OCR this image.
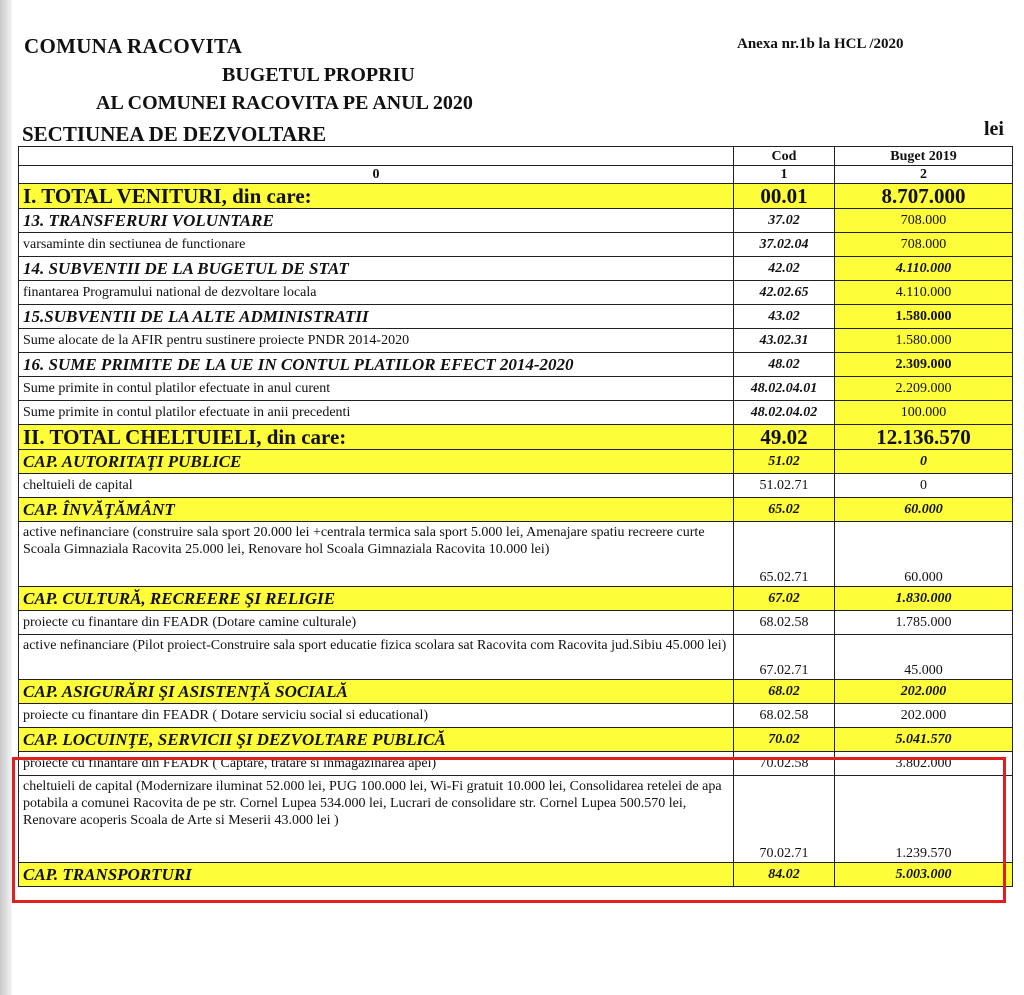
COMUNA RACOVITA	Anexa nr.1b la HCL /2020
BUGETUL PROPRIU
AL COMUNEI RACOVITA PE ANUL 2020
SECTIUNEA DE DEZVOLTARE	lei
	Cod	Buget 2019
0	1	2
I. TOTAL VENITURI, din care:	00.01	8.707.000
13. TRANSFERURI VOLUNTARE	37.02	708.000
varsaminte din sectiunea de functionare	37.02.04	708.000
14. SUBVENTII DE LA BUGETUL DE STAT	42.02	4.110.000
finantarea Programului national de dezvoltare locala	42.02.65	4.110.000
15.SUBVENTII DE LA ALTE ADMINISTRATII	43.02	1.580.000
Sume alocate de la AFIR pentru sustinere proiecte PNDR 2014-2020	43.02.31	1.580.000
16. SUME PRIMITE DE LA UE IN CONTUL PLATILOR EFECT 2014-2020	48.02	2.309.000
Sume primite in contul platilor efectuate in anul curent	48.02.04.01	2.209.000
Sume primite in contul platilor efectuate in anii precedenti	48.02.04.02	100.000
II. TOTAL CHELTUIELI, din care:	49.02	12.136.570
CAP. AUTORITAŢI PUBLICE	51.02	0
cheltuieli de capital	51.02.71	0
CAP. ÎNVĂŢĂMÂNT	65.02	60.000

active nefinanciare (construire sala sport 20.000 lei +centrala termica sala sport 5.000 lei, Amenajare spatiu recreere curte Scoala Gimnaziala Racovita 25.000 lei, Renovare hol Scoala Gimnaziala Racovita 10.000 lei)	65.02.71	60.000
CAP. CULTURĂ, RECREERE ŞI RELIGIE	67.02	1.830.000
proiecte cu finantare din FEADR (Dotare camine culturale)	68.02.58	1.785.000

active nefinanciare (Pilot proiect-Construire sala sport educatie fizica scolara sat Racovita com Racovita jud.Sibiu 45.000 lei)	67.02.71	45.000
CAP. ASIGURĂRI ŞI ASISTENŢĂ SOCIALĂ	68.02	202.000
proiecte cu finantare din FEADR ( Dotare serviciu social si educational)	68.02.58	202.000
CAP. LOCUINŢE, SERVICII ŞI DEZVOLTARE PUBLICĂ	70.02	5.041.570
proiecte cu finantare din FEADR ( Captare, tratare si inmagazinarea apei)	70.02.58	3.802.000

cheltuieli de capital (Modernizare iluminat 52.000 lei, PUG 100.000 lei, Wi-Fi gratuit 10.000 lei, Consolidarea retelei de apa potabila a comunei Racovita de pe str. Cornel Lupea 534.000 lei, Lucrari de consolidare str. Cornel Lupea 500.570 lei, Renovare acoperis Scoala de Arte si Meserii 43.000 lei )	70.02.71	1.239.570
CAP. TRANSPORTURI	84.02	5.003.000
